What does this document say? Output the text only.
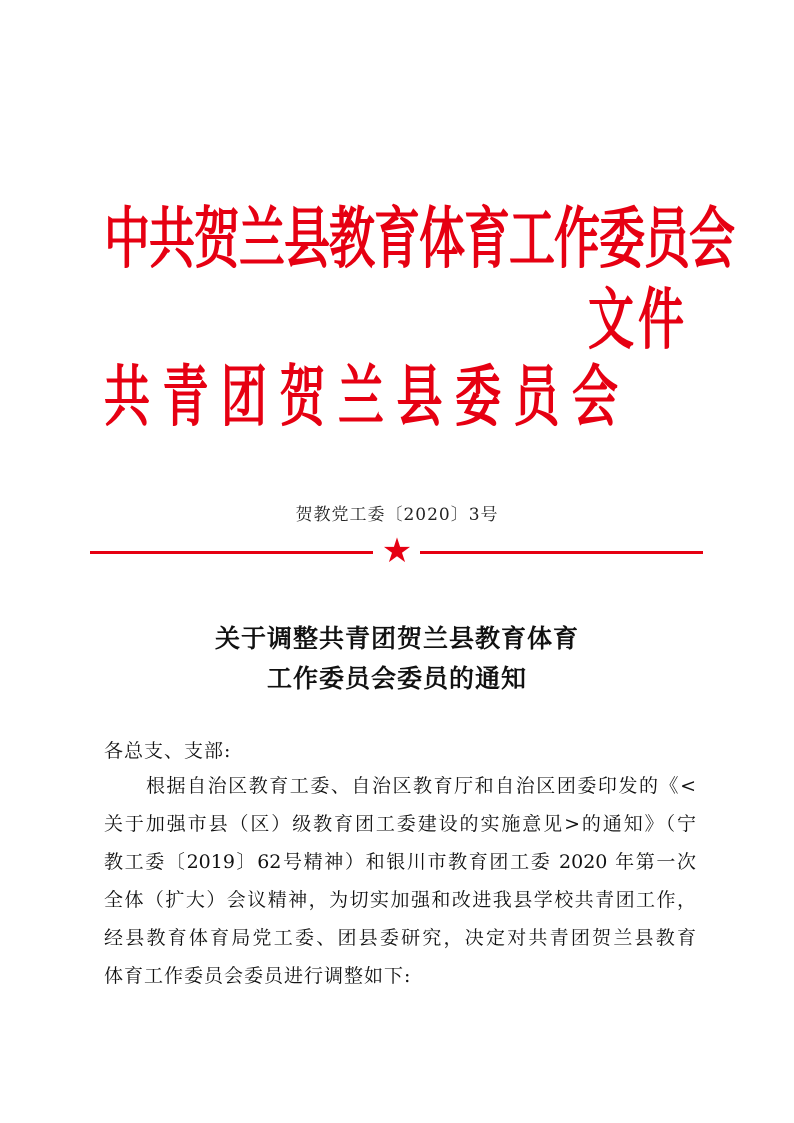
中共贺兰县教育体育工作委员会
文件
共青团贺兰县委员会
贺教党工委〔2020〕3号
★
关于调整共青团贺兰县教育体育
工作委员会委员的通知
各总支、支部:
根据自治区教育工委、自治区教育厅和自治区团委印发的《<
关于加强市县（区）级教育团工委建设的实施意见>的通知》（宁
教工委〔2019〕62号精神）和银川市教育团工委 2020 年第一次
全体（扩大）会议精神，为切实加强和改进我县学校共青团工作，
经县教育体育局党工委、团县委研究，决定对共青团贺兰县教育
体育工作委员会委员进行调整如下:
